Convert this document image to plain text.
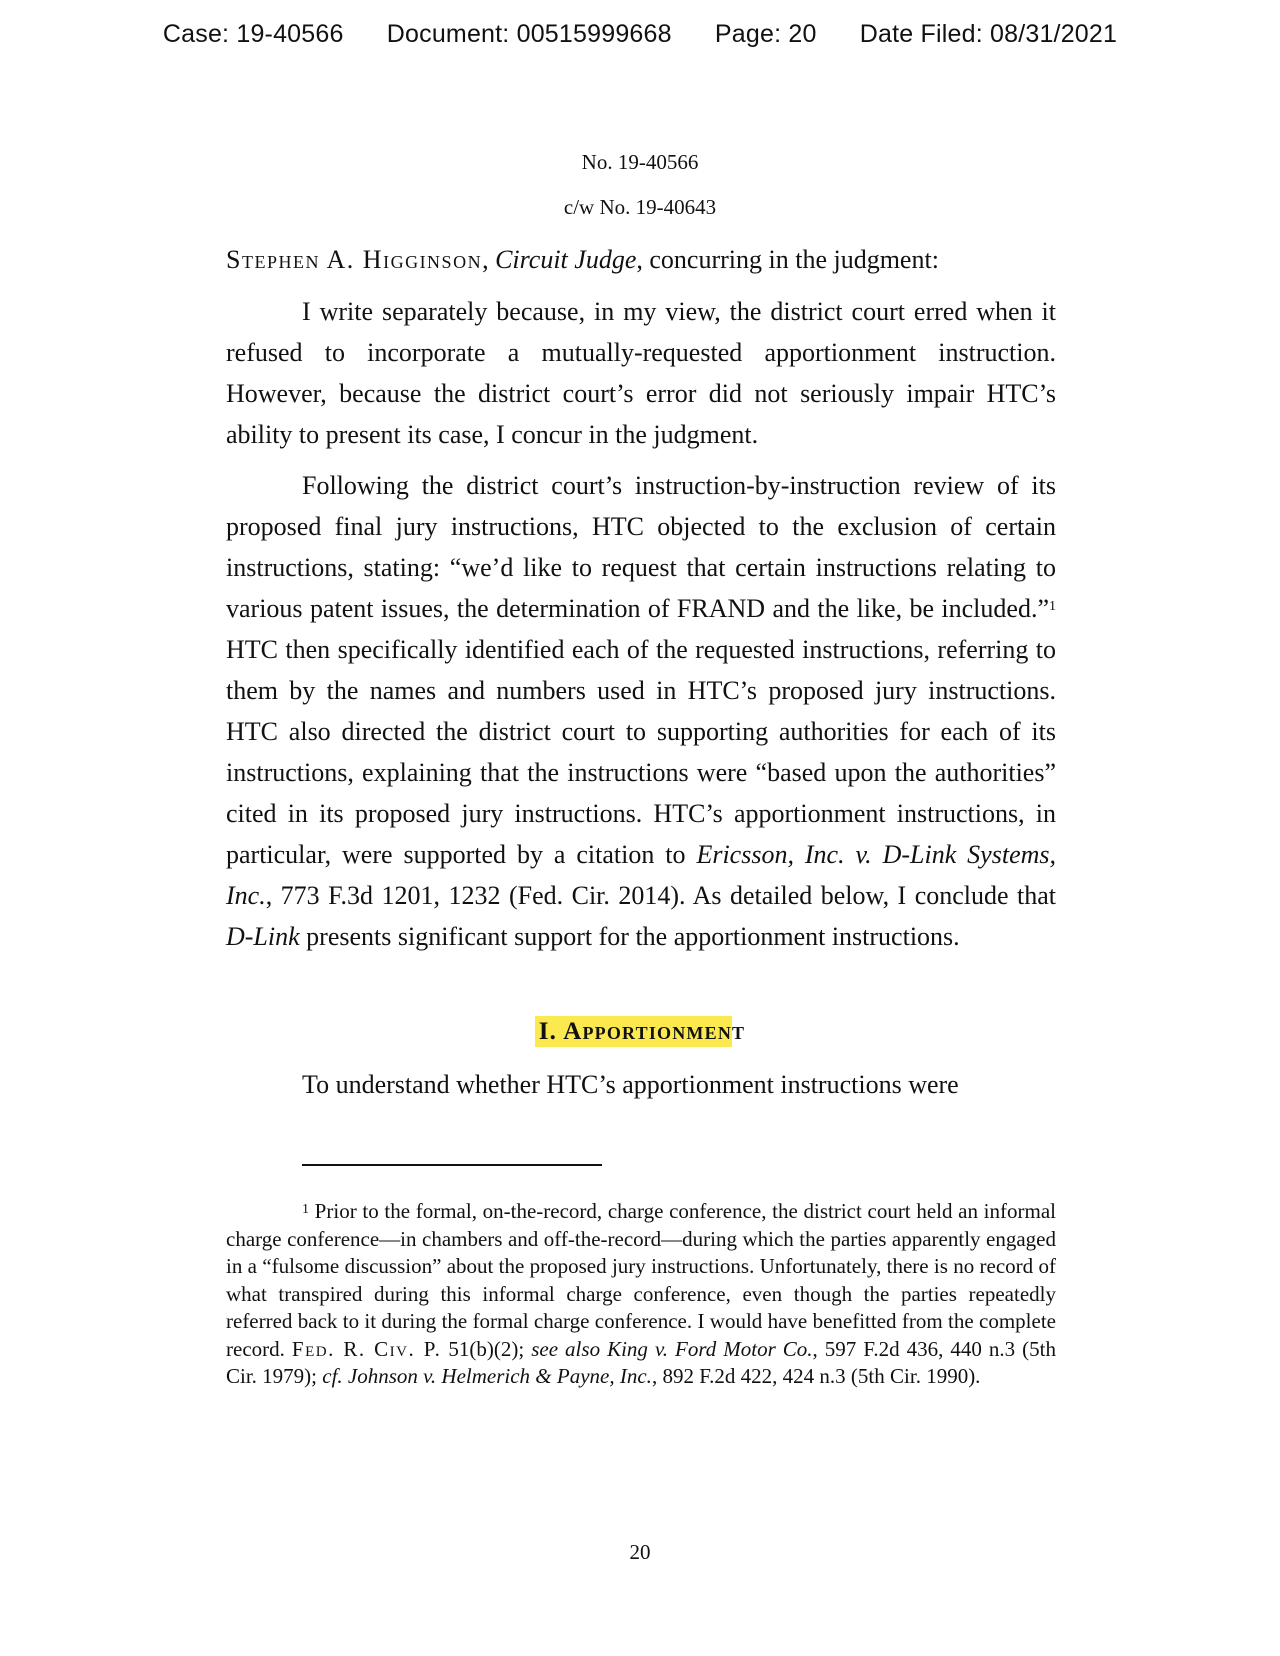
Case: 19-40566 Document: 00515999668 Page: 20 Date Filed: 08/31/2021
No. 19-40566
c/w No. 19-40643
Stephen A. Higginson, Circuit Judge, concurring in the judgment:

I write separately because, in my view, the district court erred when it refused to incorporate a mutually-requested apportionment instruction. However, because the district court’s error did not seriously impair HTC’s ability to present its case, I concur in the judgment.

Following the district court’s instruction-by-instruction review of its proposed final jury instructions, HTC objected to the exclusion of certain instructions, stating: “we’d like to request that certain instructions relating to various patent issues, the determination of FRAND and the like, be included.”$^1$ HTC then specifically identified each of the requested instructions, referring to them by the names and numbers used in HTC’s proposed jury instructions. HTC also directed the district court to supporting authorities for each of its instructions, explaining that the instructions were “based upon the authorities” cited in its proposed jury instructions. HTC’s apportionment instructions, in particular, were supported by a citation to Ericsson, Inc. v. D-Link Systems, Inc., 773 F.3d 1201, 1232 (Fed. Cir. 2014). As detailed below, I conclude that D-Link presents significant support for the apportionment instructions.

I. Apportionment

To understand whether HTC’s apportionment instructions were

$^1$ Prior to the formal, on-the-record, charge conference, the district court held an informal charge conference—in chambers and off-the-record—during which the parties apparently engaged in a “fulsome discussion” about the proposed jury instructions. Unfortunately, there is no record of what transpired during this informal charge conference, even though the parties repeatedly referred back to it during the formal charge conference. I would have benefitted from the complete record. Fed. R. Civ. P. 51(b)(2); see also King v. Ford Motor Co., 597 F.2d 436, 440 n.3 (5th Cir. 1979); cf. Johnson v. Helmerich & Payne, Inc., 892 F.2d 422, 424 n.3 (5th Cir. 1990).

20
